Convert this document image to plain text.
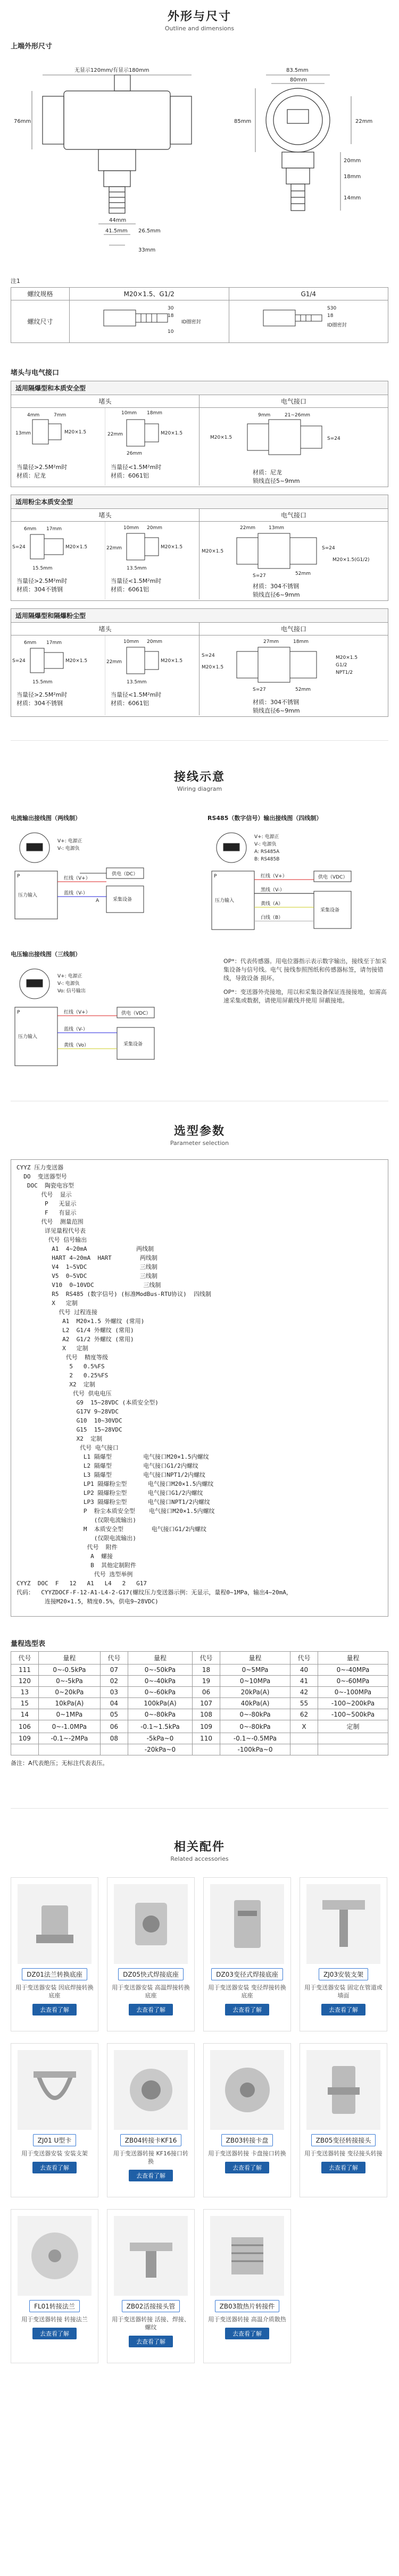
外形与尺寸
Outline and dimensions
上端外形尺寸
无显示120mm/有显示180mm
76mm
44mm
41.5mm 26.5mm
33mm
83.5mm
80mm
85mm	22mm
20mm
18mm
14mm
注1
螺纹规格	M20×1.5、G1/2	G1/4
螺纹尺寸	30
18
10
ID圈密封	S30
18
ID圈密封
堵头与电气接口
适用隔爆型和本质安全型
堵头	电气接口
4mm	7mm
13mm	M20×1.5
当量径>2.5M²m时
材质：尼龙
10mm 18mm
22mm
26mm
M20×1.5
当量径<1.5M²m时
材质：6061铝
9mm	21~26mm
S=24
M20×1.5
材质：尼龙
锁线直径5~9mm
适用粉尘本质安全型
堵头	电气接口
6mm 17mm
S=24
15.5mm
M20×1.5
当量径>2.5M²m时
材质：304不锈钢
10mm 20mm
13.5mm
22mm	M20×1.5
当量径<1.5M²m时
材质：6061铝
22mm	13mm
S=24
S=27	52mm
M20×1.5
M20×1.5(G1/2)
材质：304不锈钢
锁线直径6~9mm
适用隔爆型和隔爆粉尘型
堵头	电气接口
6mm 17mm
S=24
15.5mm
M20×1.5
当量径>2.5M²m时
材质：304不锈钢
10mm 20mm
13.5mm
22mm	M20×1.5
当量径<1.5M²m时
材质：6061铝
27mm	18mm
S=24
S=27	52mm
M20×1.5
M20×1.5
G1/2
NPT1/2
材质：304不锈钢
锁线直径6~9mm
接线示意
Wiring diagram
电流输出接线图（两线制）
V+: 电源正
V-: 电源负
红线（V+）
蓝线（V-）
供电（DC）
压力输入
采集设备
A
P
RS485（数字信号）输出接线图（四线制）
V+: 电源正
V-: 电源负
A: RS485A
B: RS485B
红线（V+）
黑线（V-）
黄线（A）
白线（B）
供电（VDC）
压力输入
采集设备
P
电压输出接线图（三线制）
V+: 电源正
V-: 电源负
Vo: 信号输出
红线（V+）
蓝线（V-）
黄线（Vo）
供电（VDC）
压力输入
采集设备
P

OP*：代表传感器。用电位器指示表示数字输出，接线至于加采集设备与信号线。电气 接线参照图纸和传感器标签，请勿接错线，导致设备 损坏。

OP*：变送器外壳接地，用以和采集设备保证连接接地，如需高速采集或数据，请使用屏蔽线并使用 屏蔽接地。

选型参数
Parameter selection
CYYZ 压力变送器
DO  变送器型号
DOC  陶瓷电容型
代号  显示
P   无显示
F   有显示
代号  测量范围
详见量程代号表
代号 信号输出
A1  4~20mA              两线制
HART 4~20mA  HART        两线制
V4  1~5VDC               三线制
V5  0~5VDC               三线制
V10  0~10VDC              三线制
R5  RS485 (数字信号) (标准ModBus-RTU协议)  四线制
X   定制
代号 过程连接
A1  M20×1.5 外螺纹 (常用)
L2  G1/4 外螺纹 (常用)
A2  G1/2 外螺纹 (常用)
X   定制
代号  精度等级
5   0.5%FS
2   0.25%FS
X2  定制
代号 供电电压
G9  15~28VDC (本质安全型)
G17V 9~28VDC
G10  10~30VDC
G15  15~28VDC
X2  定制
代号 电气接口
L1 隔爆型         电气接口M20×1.5内螺纹
L2 隔爆型         电气接口G1/2内螺纹
L3 隔爆型         电气接口NPT1/2内螺纹
LP1 隔爆粉尘型      电气接口M20×1.5内螺纹
LP2 隔爆粉尘型      电气接口G1/2内螺纹
LP3 隔爆粉尘型      电气接口NPT1/2内螺纹
P  粉尘本质安全型    电气接口M20×1.5内螺纹
(仅限电流输出)
M  本质安全型        电气接口G1/2内螺纹
(仅限电流输出)
代号  附件
A  螺接
B  其他定制附件
代号 选型举例
CYYZ  DOC  F   12   A1   L4   2   G17
代码：  CYYZDOCF-F-12-A1-L4-2-G17(螺纹压力变送器示例：无显示，量程0~1MPa，输出4~20mA，
连接M20×1.5，精度0.5%，供电9~28VDC)
量程选型表
代号	量程	代号	量程	代号	量程	代号	量程
111	0~-0.5kPa	07	0~-50kPa	18	0~5MPa	40	0~-40MPa
120	0~-5kPa	02	0~-40kPa	19	0~10MPa	41	0~-60MPa
13	0~20kPa	03	0~-60kPa	06	20kPa(A)	42	0~-100MPa
15	10kPa(A)	04	100kPa(A)	107	40kPa(A)	55	-100~200kPa
14	0~1MPa	05	0~-80kPa	108	0~-80kPa	62	-100~500kPa
106	0~-1.0MPa	06	-0.1~1.5kPa	109	0~-80kPa	X	定制
109	-0.1~-2MPa	08	-5kPa~0	110	-0.1~-0.5MPa		
			-20kPa~0		-100kPa~0		
备注：A代表绝压；无标注代表表压。
相关配件
Related accessories
DZ01法兰转换底座
用于变送器安装 因底焊接转换底座
去查看了解
DZ05快式焊接底座
用于变送器安装 高温焊接转换底座
去查看了解
DZ03变径式焊接底座
用于变送器安装 变径焊接转换底座
去查看了解
ZJ03安装支架
用于变送器安装 固定在管道或墙面
去查看了解
ZJ01 U型卡
用于变送器安装 安装支架
去查看了解
ZB04转接卡KF16
用于变送器转接 KF16接口转换
去查看了解
ZB03转接卡盘
用于变送器转接 卡盘接口转换
去查看了解
ZB05变径转接接头
用于变送器转接 变径接头转接
去查看了解
FL01转接法兰
用于变送器转接 转接法兰
去查看了解
ZB02活接接头管
用于变送器转接 活接、焊接、螺纹
去查看了解
ZB03散热片转接件
用于变送器转接 高温介质散热
去查看了解
